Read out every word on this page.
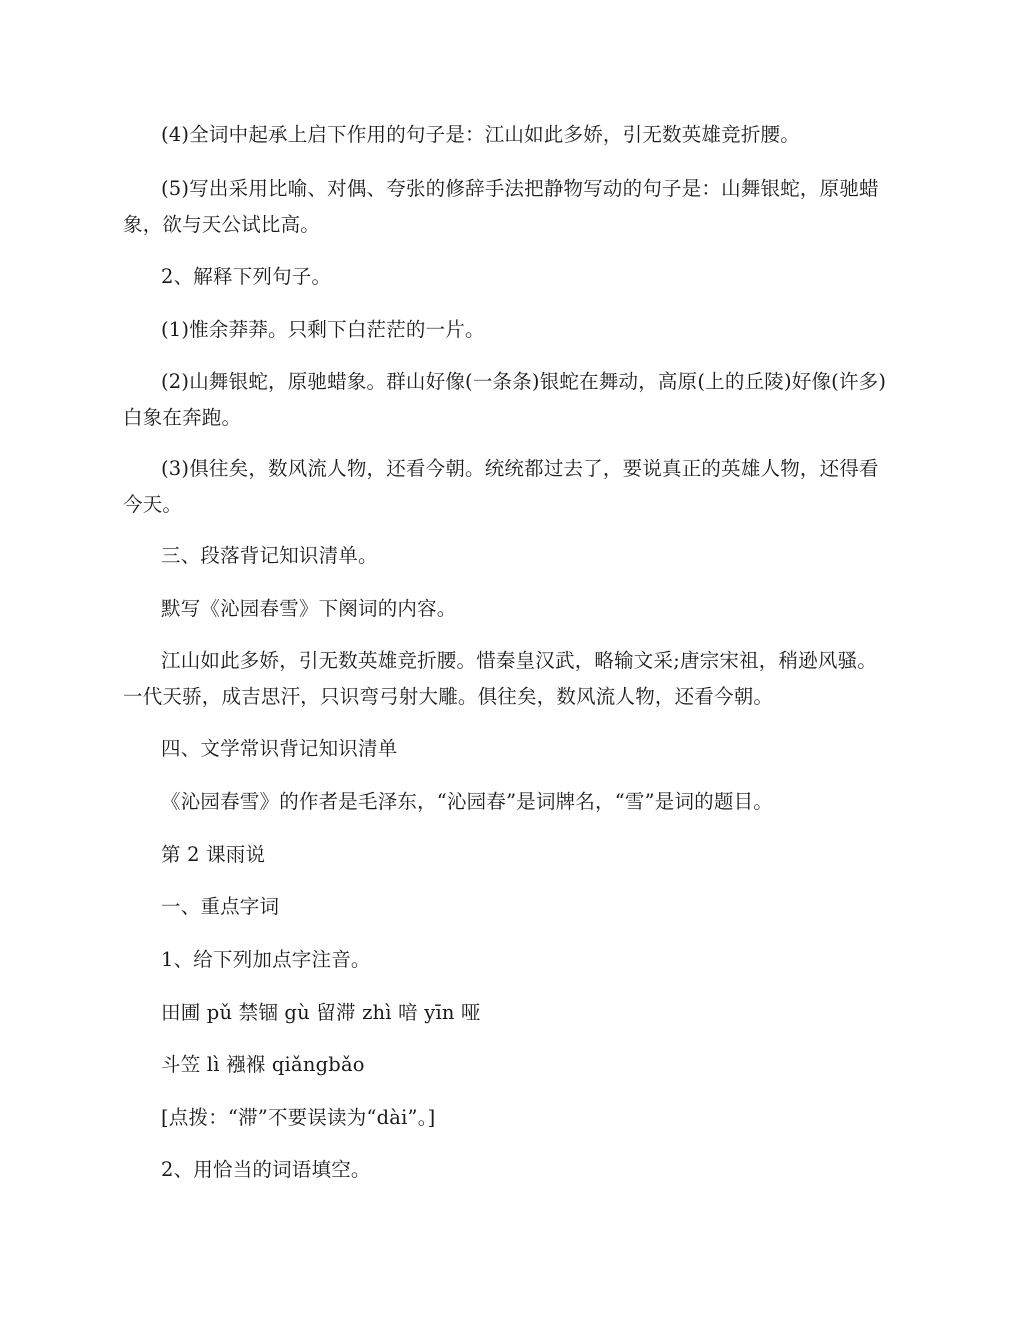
(4)全词中起承上启下作用的句子是：江山如此多娇，引无数英雄竞折腰。
(5)写出采用比喻、对偶、夸张的修辞手法把静物写动的句子是：山舞银蛇，原驰蜡象，欲与天公试比高。
2、解释下列句子。
(1)惟余莽莽。只剩下白茫茫的一片。
(2)山舞银蛇，原驰蜡象。群山好像(一条条)银蛇在舞动，高原(上的丘陵)好像(许多)白象在奔跑。
(3)俱往矣，数风流人物，还看今朝。统统都过去了，要说真正的英雄人物，还得看今天。
三、段落背记知识清单。
默写《沁园春雪》下阕词的内容。
江山如此多娇，引无数英雄竞折腰。惜秦皇汉武，略输文采;唐宗宋祖，稍逊风骚。一代天骄，成吉思汗，只识弯弓射大雕。俱往矣，数风流人物，还看今朝。
四、文学常识背记知识清单
《沁园春雪》的作者是毛泽东，“沁园春”是词牌名，“雪”是词的题目。
第 2 课雨说
一、重点字词
1、给下列加点字注音。
田圃 pǔ 禁锢 gù 留滞 zhì 喑 yīn 哑
斗笠 lì 襁褓 qiǎngbǎo
[点拨：“滞”不要误读为“dài”。]
2、用恰当的词语填空。
